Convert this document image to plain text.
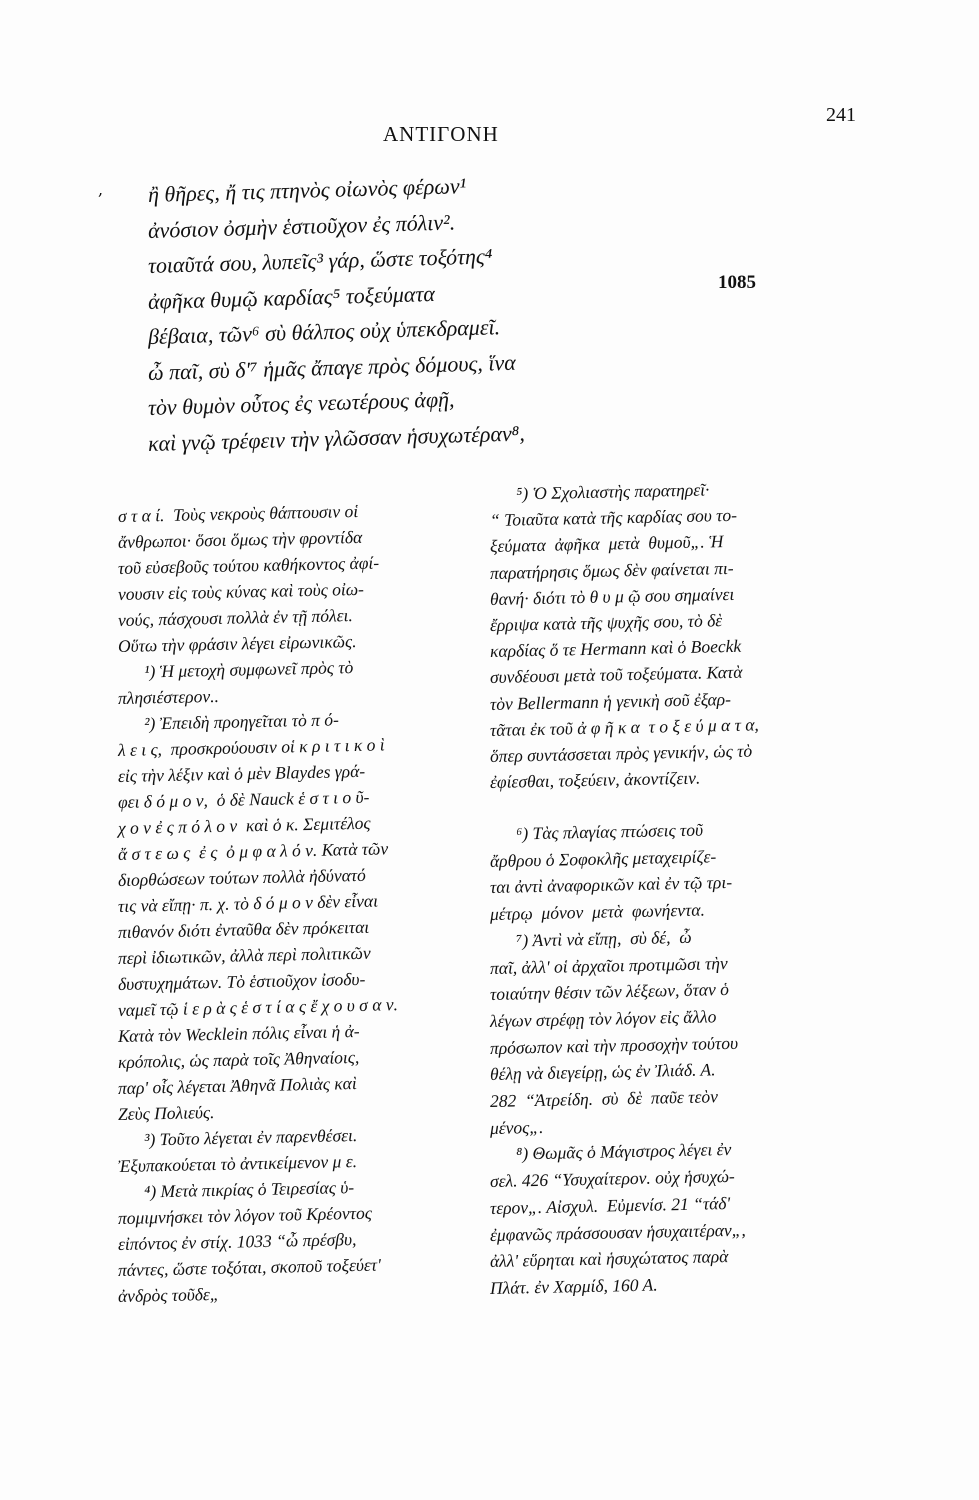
ΑΝΤΙΓΟΝΗ
241
1085
, ἢ θῆρες, ἤ τις πτηνὸς οἰωνὸς φέρων¹
ἀνόσιον ὀσμὴν ἑστιοῦχον ἐς πόλιν².
τοιαῦτά σου, λυπεῖς³ γάρ, ὥστε τοξότης⁴
ἀφῆκα θυμῷ καρδίας⁵ τοξεύματα
βέβαια, τῶν⁶ σὺ θάλπος οὐχ ὑπεκδραμεῖ.
ὦ παῖ, σὺ δ'⁷ ἡμᾶς ἄπαγε πρὸς δόμους, ἵνα
τὸν θυμὸν οὗτος ἐς νεωτέρους ἀφῇ,
καὶ γνῷ τρέφειν τὴν γλῶσσαν ἡσυχωτέραν⁸,
σ τ α ί.  Τοὺς νεκροὺς θάπτουσιν οἱ
ἄνθρωποι· ὅσοι ὅμως τὴν φροντίδα
τοῦ εὐσεβοῦς τούτου καθήκοντος ἀφί-
νουσιν εἰς τοὺς κύνας καὶ τοὺς οἰω-
νούς, πάσχουσι πολλὰ ἐν τῇ πόλει.
Οὕτω τὴν φράσιν λέγει εἰρωνικῶς.
¹) Ἡ μετοχὴ συμφωνεῖ πρὸς τὸ
πλησιέστερον..
²) Ἐπειδὴ προηγεῖται τὸ π ό-
λ ε ι ς,  προσκρούουσιν οἱ κ ρ ι τ ι κ ο ὶ
εἰς τὴν λέξιν καὶ ὁ μὲν Blaydes γρά-
φει δ ό μ ο ν,  ὁ δὲ Nauck ἑ σ τ ι ο ῦ-
χ ο ν ἐ ς π ό λ ο ν  καὶ ὁ κ. Σεμιτέλος
ἄ σ τ ε ω ς  ἐ ς  ὀ μ φ α λ ό ν. Κατὰ τῶν
διορθώσεων τούτων πολλὰ ἠδύνατό
τις νὰ εἴπῃ· π. χ. τὸ δ ό μ ο ν δὲν εἶναι
πιθανόν διότι ἐνταῦθα δὲν πρόκειται
περὶ ἰδιωτικῶν, ἀλλὰ περὶ πολιτικῶν
δυστυχημάτων. Τὸ ἑστιοῦχον ἰσοδυ-
ναμεῖ τῷ ἱ ε ρ ὰ ς ἑ σ τ ί α ς ἔ χ ο υ σ α ν.
Κατὰ τὸν Wecklein πόλις εἶναι ἡ ἀ-
κρόπολις, ὡς παρὰ τοῖς Ἀθηναίοις,
παρ' οἷς λέγεται Ἀθηνᾶ Πολιὰς καὶ
Ζεὺς Πολιεύς.
³) Τοῦτο λέγεται ἐν παρενθέσει.
Ἐξυπακούεται τὸ ἀντικείμενον μ ε.
⁴) Μετὰ πικρίας ὁ Τειρεσίας ὑ-
πομιμνήσκει τὸν λόγον τοῦ Κρέοντος
εἰπόντος ἐν στίχ. 1033 “ὦ πρέσβυ,
πάντες, ὥστε τοξόται, σκοποῦ τοξεύετ'
ἀνδρὸς τοῦδε„
⁵) Ὁ Σχολιαστὴς παρατηρεῖ·
“ Τοιαῦτα κατὰ τῆς καρδίας σου το-
ξεύματα  ἀφῆκα  μετὰ  θυμοῦ„. Ἡ
παρατήρησις ὅμως δὲν φαίνεται πι-
θανή· διότι τὸ θ υ μ ῷ σου σημαίνει
ἔρριψα κατὰ τῆς ψυχῆς σου, τὸ δὲ
καρδίας ὅ τε Hermann καὶ ὁ Boeckk
συνδέουσι μετὰ τοῦ τοξεύματα. Κατὰ
τὸν Bellermann ἡ γενικὴ σοῦ ἐξαρ-
τᾶται ἐκ τοῦ ἀ φ ῆ κ α  τ ο ξ ε ύ μ α τ α,
ὅπερ συντάσσεται πρὸς γενικήν, ὡς τὸ
ἐφίεσθαι, τοξεύειν, ἀκοντίζειν.
⁶) Τὰς πλαγίας πτώσεις τοῦ
ἄρθρου ὁ Σοφοκλῆς μεταχειρίζε-
ται ἀντὶ ἀναφορικῶν καὶ ἐν τῷ τρι-
μέτρῳ  μόνον  μετὰ  φωνήεντα.
⁷) Ἀντὶ νὰ εἴπῃ,  σὺ δέ,  ὦ
παῖ, ἀλλ' οἱ ἀρχαῖοι προτιμῶσι τὴν
τοιαύτην θέσιν τῶν λέξεων, ὅταν ὁ
λέγων στρέφῃ τὸν λόγον εἰς ἄλλο
πρόσωπον καὶ τὴν προσοχὴν τούτου
θέλῃ νὰ διεγείρῃ, ὡς ἐν Ἰλιάδ. Α.
282  “Ἀτρείδη.  σὺ  δὲ  παῦε τεὸν
μένος„.
⁸) Θωμᾶς ὁ Μάγιστρος λέγει ἐν
σελ. 426 “Υσυχαίτερον. οὐχ ἡσυχώ-
τερον„. Αἰσχυλ.  Εὐμενίσ. 21 “τάδ'
ἐμφανῶς πράσσουσαν ἡσυχαιτέραν„,
ἀλλ' εὕρηται καὶ ἡσυχώτατος παρὰ
Πλάτ. ἐν Χαρμίδ, 160 Α.
